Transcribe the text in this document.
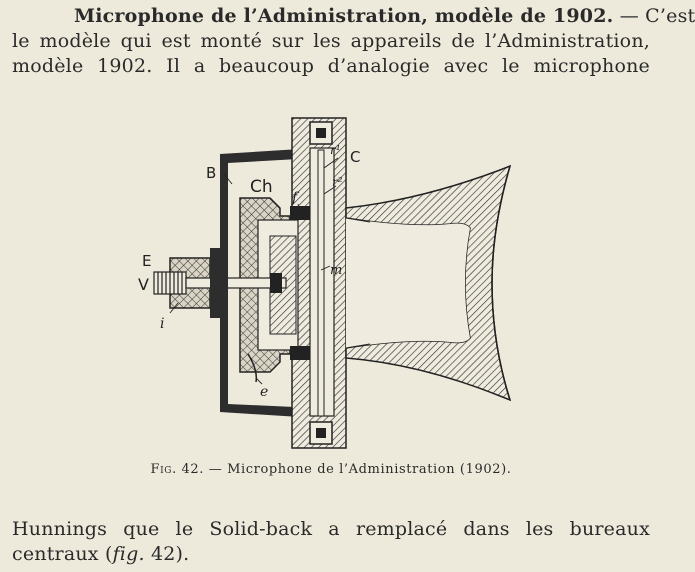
Microphone de l’Administration, modèle de 1902. — C’est
le modèle qui est monté sur les appareils de l’Administration,
modèle 1902. Il a beaucoup d’analogie avec le microphone
B
C
Ch
f
r¹
r²
E
V
i
m
e
Fig. 42. — Microphone de l’Administration (1902).
Hunnings que le Solid-back a remplacé dans les bureaux
centraux (fig. 42).
